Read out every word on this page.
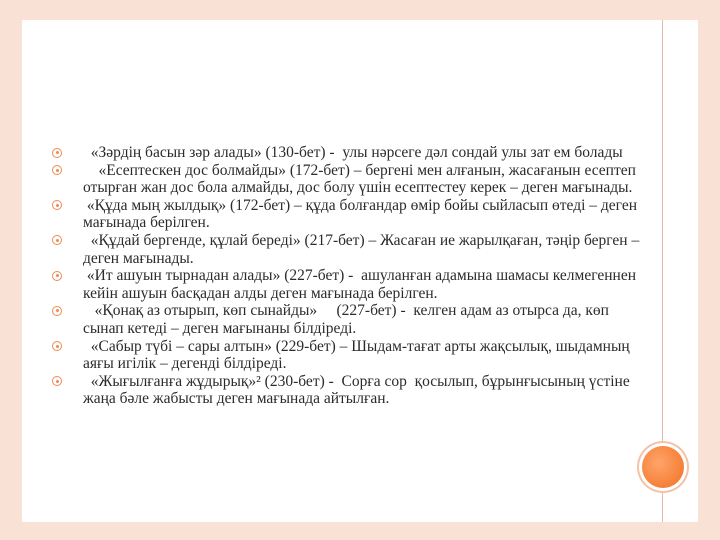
«Зәрдің басын зәр алады» (130-бет) -  улы нәрсеге дәл сондай улы зат ем болады
«Есептескен дос болмайды» (172-бет) – бергені мен алғанын, жасағанын есептеп отырған жан дос бола алмайды, дос болу үшін есептестеу керек – деген мағынады.
«Құда мың жылдық» (172-бет) – құда болғандар өмір бойы сыйласып өтеді – деген мағынада берілген.
«Құдай бергенде, құлай береді» (217-бет) – Жасаған ие жарылқаған, тәңір берген – деген мағынады.
«Ит ашуын тырнадан алады» (227-бет) -  ашуланған адамына шамасы келмегеннен кейін ашуын басқадан алды деген мағынада берілген.
«Қонақ аз отырып, көп сынайды»     (227-бет) -  келген адам аз отырса да, көп сынап кетеді – деген мағынаны білдіреді.
«Сабыр түбі – сары алтын» (229-бет) – Шыдам-тағат арты жақсылық, шыдамның аяғы игілік – дегенді білдіреді.
«Жығылғанға жұдырық»² (230-бет) -  Сорға сор  қосылып, бұрынғысының үстіне жаңа бәле жабысты деген мағынада айтылған.
